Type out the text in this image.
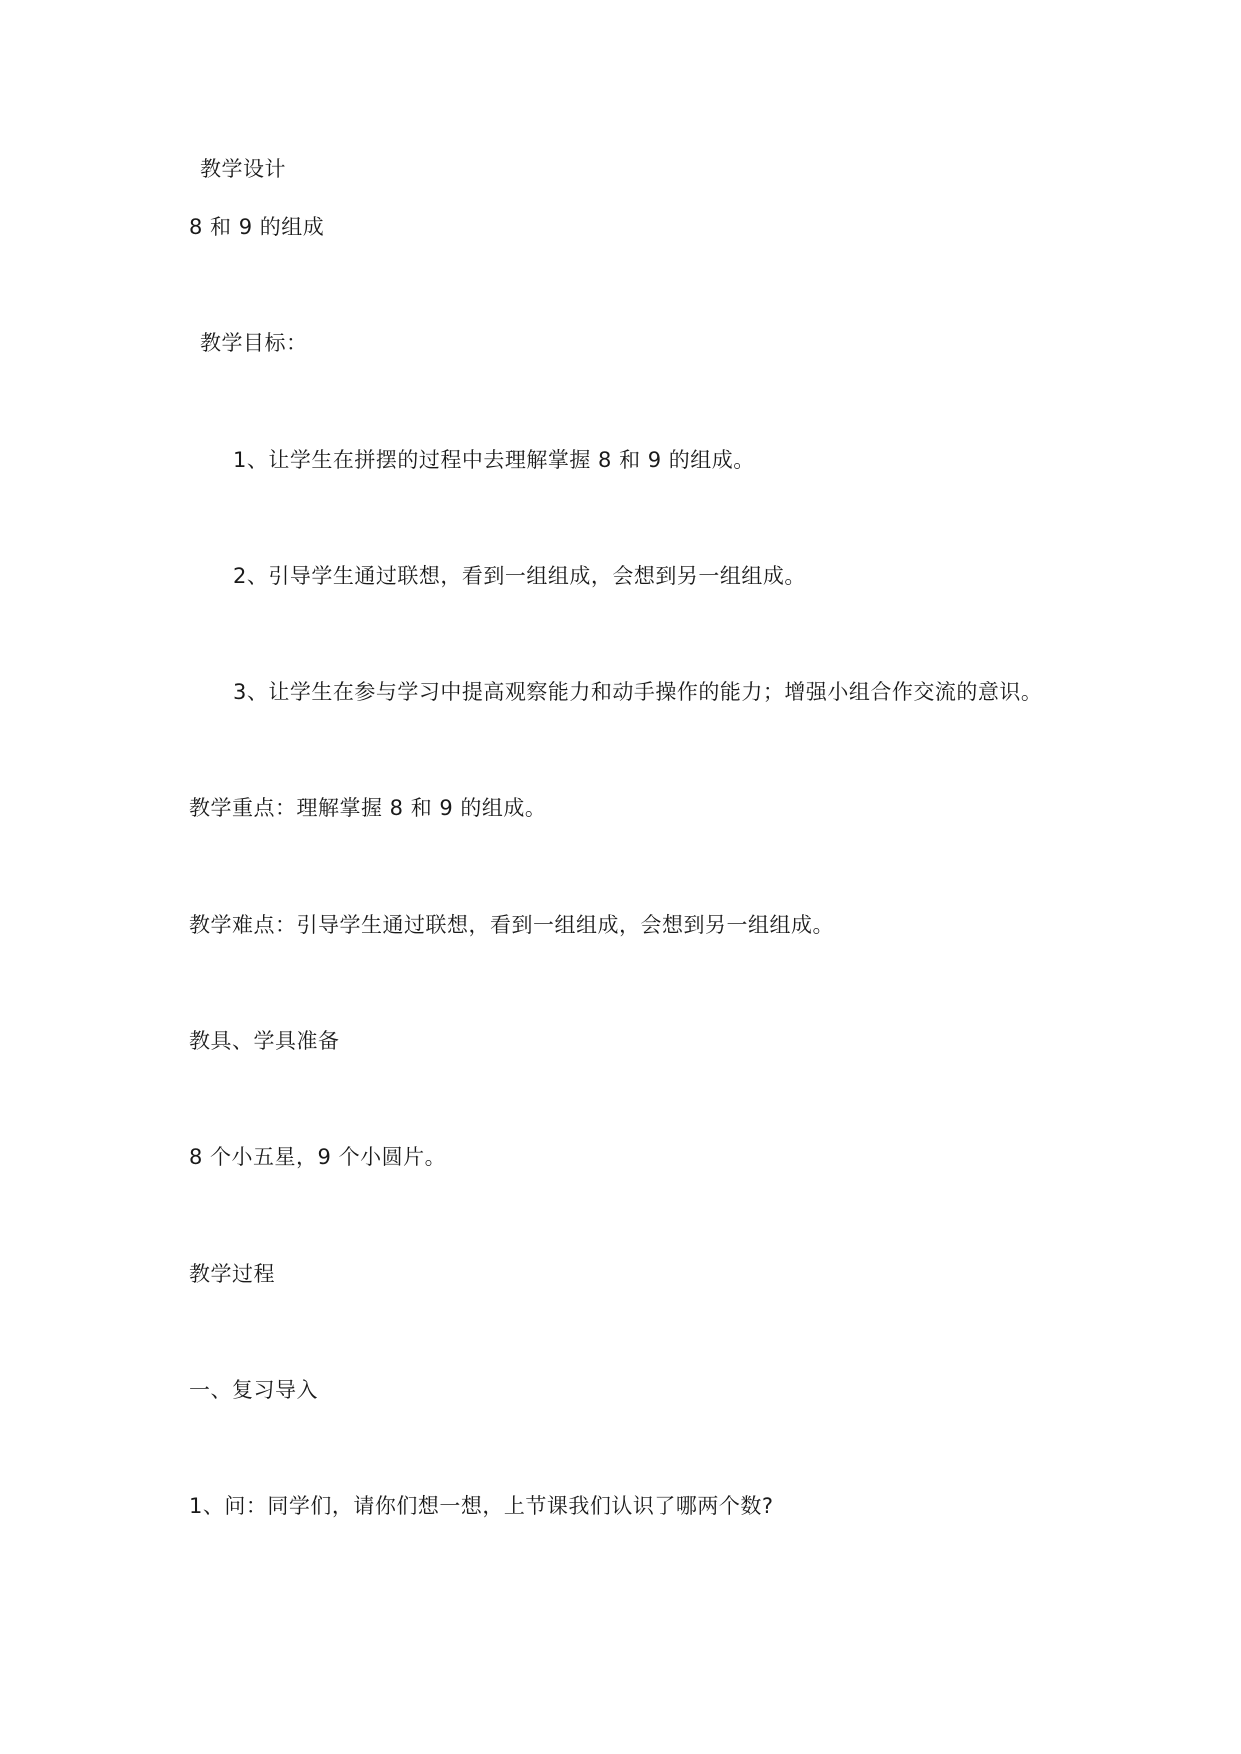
教学设计
8 和 9 的组成
教学目标：
1、让学生在拼摆的过程中去理解掌握 8 和 9 的组成。
2、引导学生通过联想，看到一组组成，会想到另一组组成。
3、让学生在参与学习中提高观察能力和动手操作的能力；增强小组合作交流的意识。
教学重点：理解掌握 8 和 9 的组成。
教学难点：引导学生通过联想，看到一组组成，会想到另一组组成。
教具、学具准备
8 个小五星，9 个小圆片。
教学过程
一、复习导入
1、问：同学们，请你们想一想，上节课我们认识了哪两个数?
